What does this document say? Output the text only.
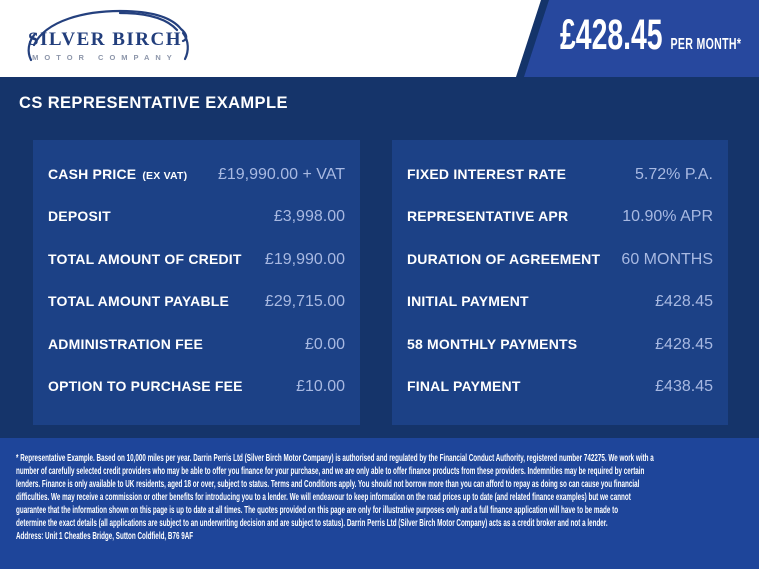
SILVER BIRCH
MOTOR COMPANY	£428.45 PER MONTH*
CS REPRESENTATIVE EXAMPLE
CASH PRICE (EX VAT) £19,990.00 + VAT
DEPOSIT	£3,998.00
TOTAL AMOUNT OF CREDIT £19,990.00
TOTAL AMOUNT PAYABLE £29,715.00
ADMINISTRATION FEE	£0.00
OPTION TO PURCHASE FEE	£10.00
FIXED INTEREST RATE	5.72% P.A.
REPRESENTATIVE APR	10.90% APR
DURATION OF AGREEMENT 60 MONTHS
INITIAL PAYMENT	£428.45
58 MONTHLY PAYMENTS	£428.45
FINAL PAYMENT	£438.45
* Representative Example. Based on 10,000 miles per year. Darrin Perris Ltd (Silver Birch Motor Company) is authorised and regulated by the Financial Conduct Authority, registered number 742275. We work with a
number of carefully selected credit providers who may be able to offer you finance for your purchase, and we are only able to offer finance products from these providers. Indemnities may be required by certain
lenders. Finance is only available to UK residents, aged 18 or over, subject to status. Terms and Conditions apply. You should not borrow more than you can afford to repay as doing so can cause you financial
difficulties. We may receive a commission or other benefits for introducing you to a lender. We will endeavour to keep information on the road prices up to date (and related finance examples) but we cannot
guarantee that the information shown on this page is up to date at all times. The quotes provided on this page are only for illustrative purposes only and a full finance application will have to be made to
determine the exact details (all applications are subject to an underwriting decision and are subject to status). Darrin Perris Ltd (Silver Birch Motor Company) acts as a credit broker and not a lender.
Address: Unit 1 Cheatles Bridge, Sutton Coldfield, B76 9AF
